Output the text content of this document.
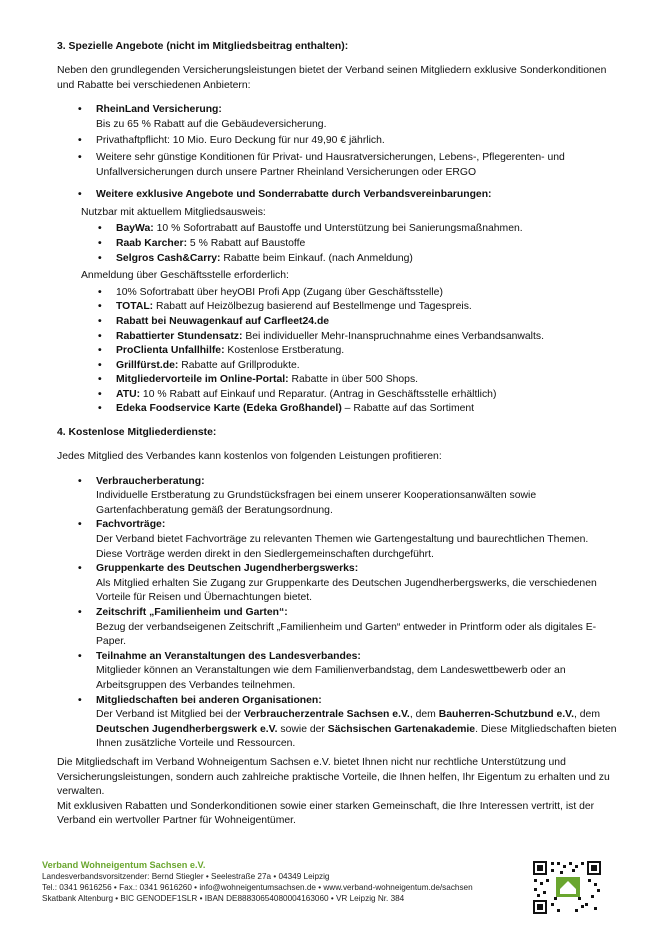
3. Spezielle Angebote (nicht im Mitgliedsbeitrag enthalten):

Neben den grundlegenden Versicherungsleistungen bietet der Verband seinen Mitgliedern exklusive Sonderkonditionen und Rabatte bei verschiedenen Anbietern:

• RheinLand Versicherung:
Bis zu 65 % Rabatt auf die Gebäudeversicherung.
• Privathaftpflicht: 10 Mio. Euro Deckung für nur 49,90 € jährlich.
• Weitere sehr günstige Konditionen für Privat- und Hausratversicherungen, Lebens-, Pflegerenten- und Unfallversicherungen durch unsere Partner Rheinland Versicherungen oder ERGO
• Weitere exklusive Angebote und Sonderrabatte durch Verbandsvereinbarungen:
Nutzbar mit aktuellem Mitgliedsausweis:
• BayWa: 10 % Sofortrabatt auf Baustoffe und Unterstützung bei Sanierungsmaßnahmen.
• Raab Karcher: 5 % Rabatt auf Baustoffe
• Selgros Cash&Carry: Rabatte beim Einkauf. (nach Anmeldung)
Anmeldung über Geschäftsstelle erforderlich:
• 10% Sofortrabatt über heyOBI Profi App (Zugang über Geschäftsstelle)
• TOTAL: Rabatt auf Heizölbezug basierend auf Bestellmenge und Tagespreis.
• Rabatt bei Neuwagenkauf auf Carfleet24.de
• Rabattierter Stundensatz: Bei individueller Mehr-Inanspruchnahme eines Verbandsanwalts.
• ProClienta Unfallhilfe: Kostenlose Erstberatung.
• Grillfürst.de: Rabatte auf Grillprodukte.
• Mitgliedervorteile im Online-Portal: Rabatte in über 500 Shops.
• ATU: 10 % Rabatt auf Einkauf und Reparatur. (Antrag in Geschäftsstelle erhältlich)
• Edeka Foodservice Karte (Edeka Großhandel) – Rabatte auf das Sortiment
4. Kostenlose Mitgliederdienste:

Jedes Mitglied des Verbandes kann kostenlos von folgenden Leistungen profitieren:

• Verbraucherberatung:
Individuelle Erstberatung zu Grundstücksfragen bei einem unserer Kooperationsanwälten sowie Gartenfachberatung gemäß der Beratungsordnung.
• Fachvorträge:
Der Verband bietet Fachvorträge zu relevanten Themen wie Gartengestaltung und baurechtlichen Themen. Diese Vorträge werden direkt in den Siedlergemeinschaften durchgeführt.
• Gruppenkarte des Deutschen Jugendherbergswerks:
Als Mitglied erhalten Sie Zugang zur Gruppenkarte des Deutschen Jugendherbergswerks, die verschiedenen Vorteile für Reisen und Übernachtungen bietet.
• Zeitschrift „Familienheim und Garten“:
Bezug der verbandseigenen Zeitschrift „Familienheim und Garten“ entweder in Printform oder als digitales E-Paper.
• Teilnahme an Veranstaltungen des Landesverbandes:
Mitglieder können an Veranstaltungen wie dem Familienverbandstag, dem Landeswettbewerb oder an Arbeitsgruppen des Verbandes teilnehmen.
• Mitgliedschaften bei anderen Organisationen:
Der Verband ist Mitglied bei der Verbraucherzentrale Sachsen e.V., dem Bauherren-Schutzbund e.V., dem Deutschen Jugendherbergswerk e.V. sowie der Sächsischen Gartenakademie. Diese Mitgliedschaften bieten Ihnen zusätzliche Vorteile und Ressourcen.
Die Mitgliedschaft im Verband Wohneigentum Sachsen e.V. bietet Ihnen nicht nur rechtliche Unterstützung und Versicherungsleistungen, sondern auch zahlreiche praktische Vorteile, die Ihnen helfen, Ihr Eigentum zu erhalten und zu verwalten.
Mit exklusiven Rabatten und Sonderkonditionen sowie einer starken Gemeinschaft, die Ihre Interessen vertritt, ist der Verband ein wertvoller Partner für Wohneigentümer.
Verband Wohneigentum Sachsen e.V.
Landesverbandsvorsitzender: Bernd Stiegler • Seelestraße 27a • 04349 Leipzig
Tel.: 0341 9616256 • Fax.: 0341 9616260 • info@wohneigentumsachsen.de • www.verband-wohneigentum.de/sachsen
Skatbank Altenburg • BIC GENODEF1SLR • IBAN DE88830654080004163060 • VR Leipzig Nr. 384
